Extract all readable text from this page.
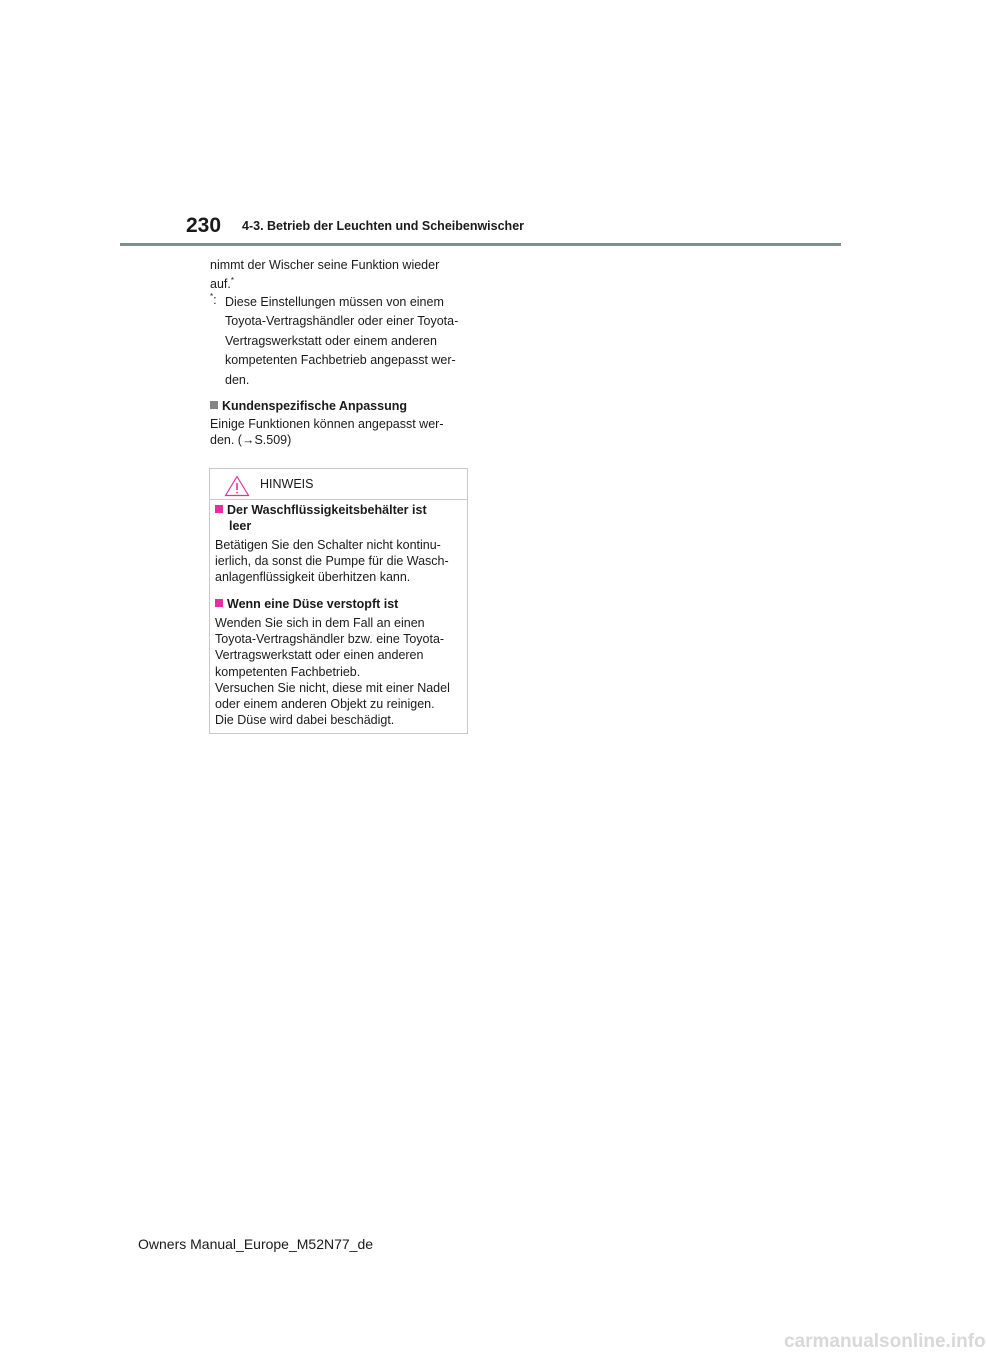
230 4-3. Betrieb der Leuchten und Scheibenwischer
nimmt der Wischer seine Funktion wieder
auf.*
*: Diese Einstellungen müssen von einem
Toyota-Vertragshändler oder einer Toyota-
Vertragswerkstatt oder einem anderen
kompetenten Fachbetrieb angepasst wer-
den.
Kundenspezifische Anpassung
Einige Funktionen können angepasst wer-
den. (→S.509)
HINWEIS
Der Waschflüssigkeitsbehälter ist
leer
Betätigen Sie den Schalter nicht kontinu-
ierlich, da sonst die Pumpe für die Wasch-
anlagenflüssigkeit überhitzen kann.
Wenn eine Düse verstopft ist
Wenden Sie sich in dem Fall an einen
Toyota-Vertragshändler bzw. eine Toyota-
Vertragswerkstatt oder einen anderen
kompetenten Fachbetrieb.
Versuchen Sie nicht, diese mit einer Nadel
oder einem anderen Objekt zu reinigen.
Die Düse wird dabei beschädigt.
Owners Manual_Europe_M52N77_de
carmanualsonline.info
